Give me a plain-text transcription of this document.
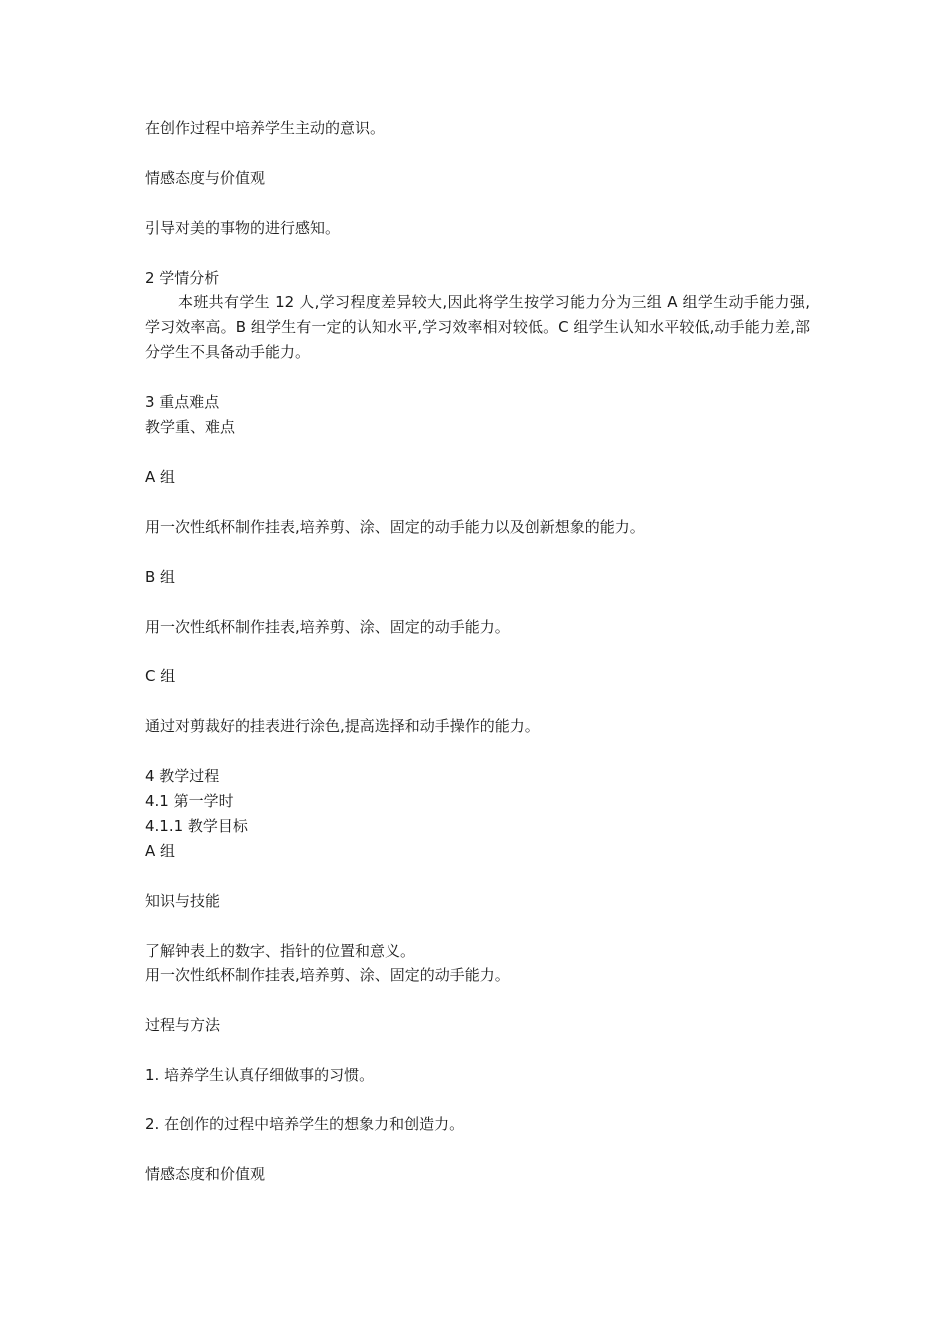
在创作过程中培养学生主动的意识。
情感态度与价值观
引导对美的事物的进行感知。
2 学情分析
本班共有学生 12 人,学习程度差异较大,因此将学生按学习能力分为三组 A 组学生动手能力强,学习效率高。B 组学生有一定的认知水平,学习效率相对较低。C 组学生认知水平较低,动手能力差,部分学生不具备动手能力。
3 重点难点
教学重、难点
A 组
用一次性纸杯制作挂表,培养剪、涂、固定的动手能力以及创新想象的能力。
B 组
用一次性纸杯制作挂表,培养剪、涂、固定的动手能力。
C 组
通过对剪裁好的挂表进行涂色,提高选择和动手操作的能力。
4 教学过程
4.1 第一学时
4.1.1 教学目标
A 组
知识与技能
了解钟表上的数字、指针的位置和意义。
用一次性纸杯制作挂表,培养剪、涂、固定的动手能力。
过程与方法
1. 培养学生认真仔细做事的习惯。
2. 在创作的过程中培养学生的想象力和创造力。
情感态度和价值观
